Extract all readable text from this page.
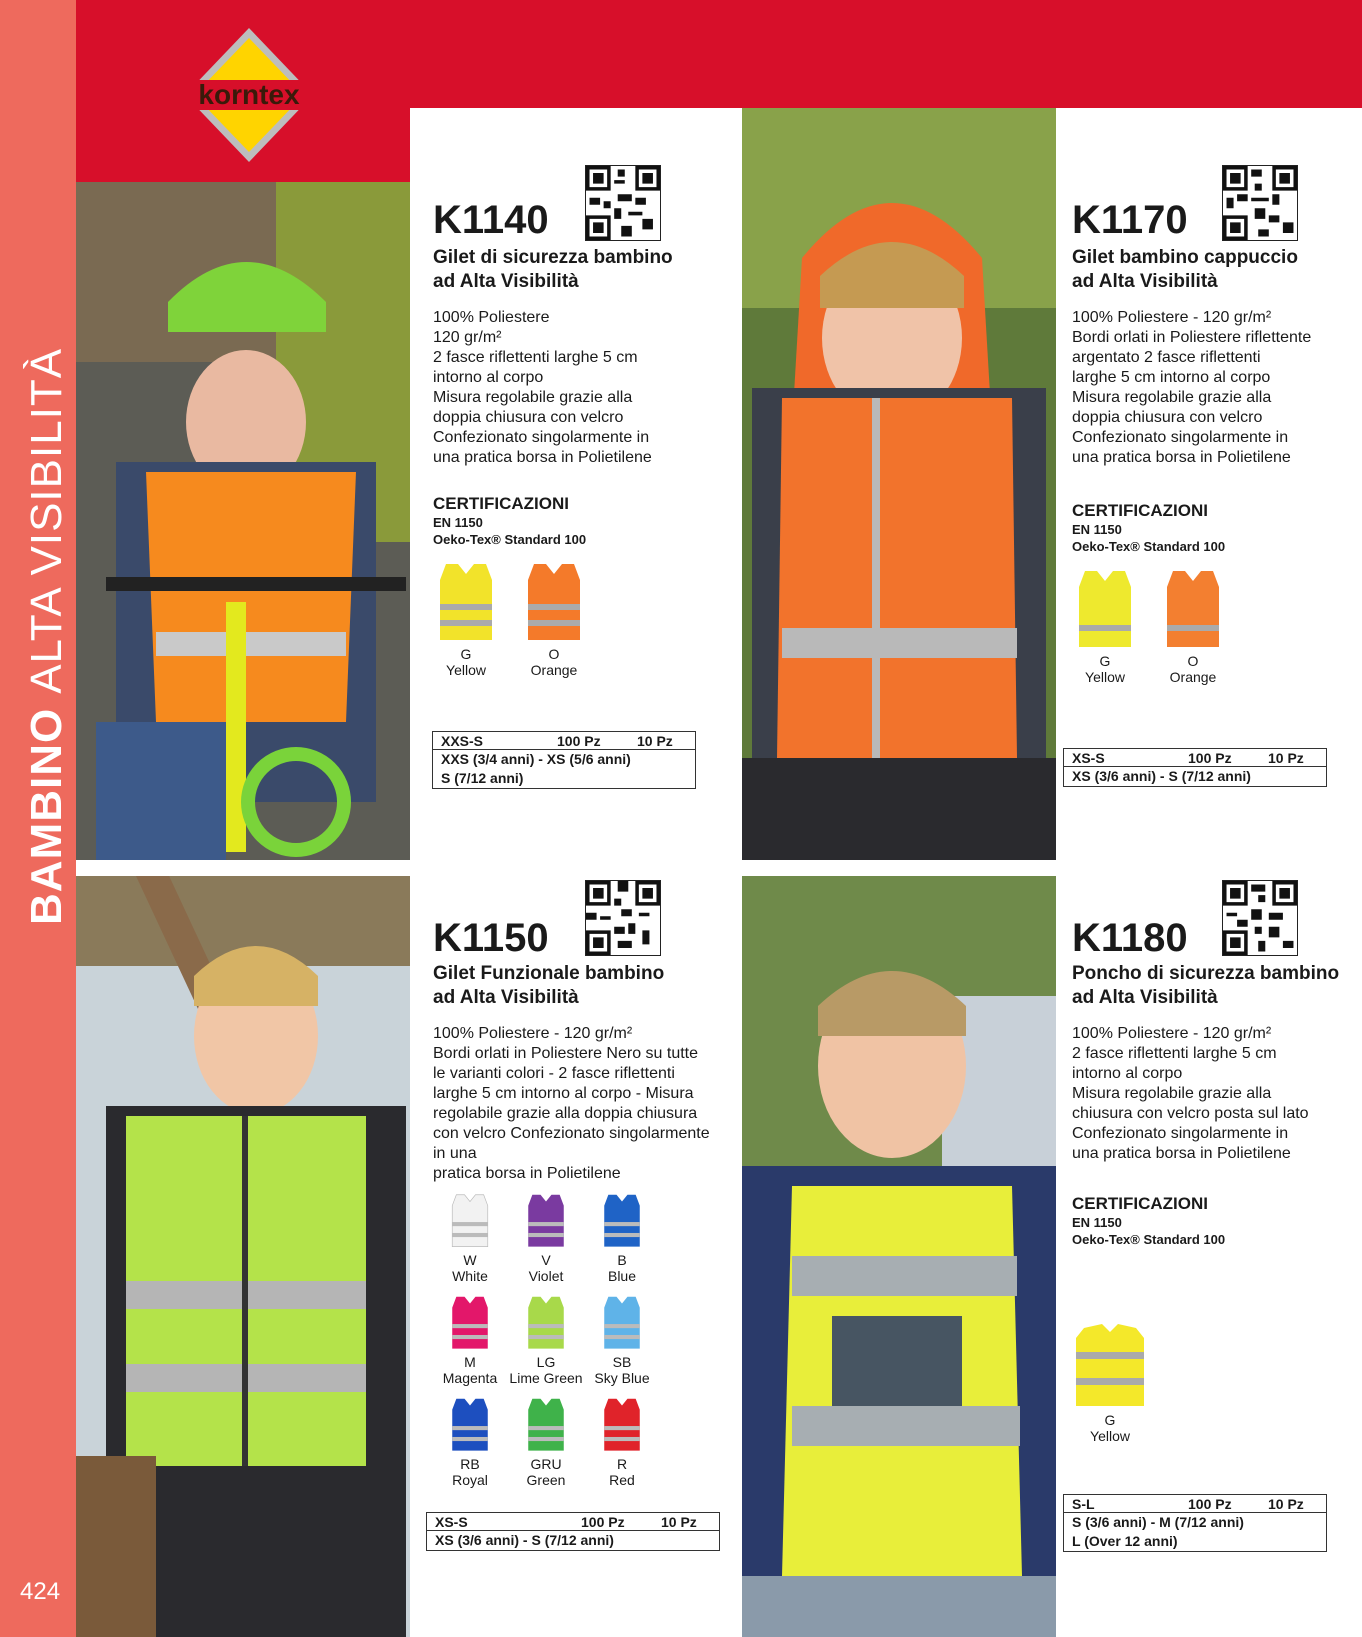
BAMBINOALTA VISIBILITÀ
424
korntex
K1140
Gilet di sicurezza bambino
ad Alta Visibilità
100% Poliestere
120 gr/m²
2 fasce riflettenti larghe 5 cm
intorno al corpo
Misura regolabile grazie alla
doppia chiusura con velcro
Confezionato singolarmente in
una pratica borsa in Polietilene
CERTIFICAZIONI
EN 1150
Oeko-Tex® Standard 100
G
Yellow
O
Orange
XXS-S	100 Pz	10 Pz
XXS (3/4 anni) - XS (5/6 anni)
S (7/12 anni)
K1170
Gilet bambino cappuccio
ad Alta Visibilità
100% Poliestere - 120 gr/m²
Bordi orlati in Poliestere riflettente
argentato 2 fasce riflettenti
larghe 5 cm intorno al corpo
Misura regolabile grazie alla
doppia chiusura con velcro
Confezionato singolarmente in
una pratica borsa in Polietilene
CERTIFICAZIONI
EN 1150
Oeko-Tex® Standard 100
G
Yellow
O
Orange
XS-S	100 Pz	10 Pz
XS (3/6 anni) - S (7/12 anni)
K1150
Gilet Funzionale bambino
ad Alta Visibilità
100% Poliestere - 120 gr/m²
Bordi orlati in Poliestere Nero su tutte
le varianti colori - 2 fasce riflettenti
larghe 5 cm intorno al corpo - Misura
regolabile grazie alla doppia chiusura
con velcro Confezionato singolarmente
in una
pratica borsa in Polietilene
W
White
V
Violet
B
Blue
M
Magenta
LG
Lime Green
SB
Sky Blue
RB
Royal
GRU
Green
R
Red
XS-S	100 Pz	10 Pz
XS (3/6 anni) - S (7/12 anni)
K1180
Poncho di sicurezza bambino
ad Alta Visibilità
100% Poliestere - 120 gr/m²
2 fasce riflettenti larghe 5 cm
intorno al corpo
Misura regolabile grazie alla
chiusura con velcro posta sul lato
Confezionato singolarmente in
una pratica borsa in Polietilene
CERTIFICAZIONI
EN 1150
Oeko-Tex® Standard 100
G
Yellow
S-L	100 Pz	10 Pz
S (3/6 anni) - M (7/12 anni)
L (Over 12 anni)
